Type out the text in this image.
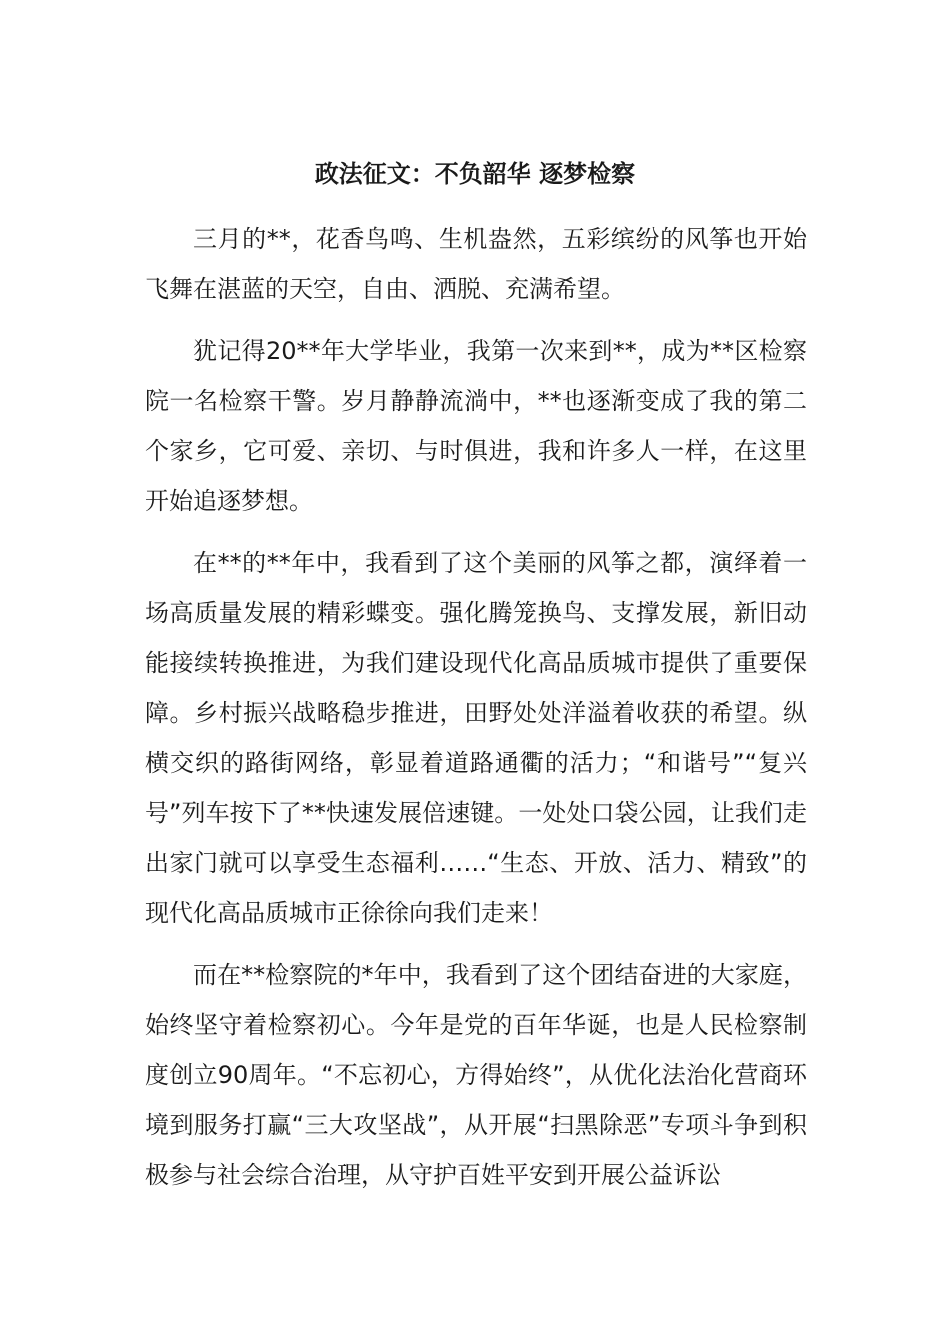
政法征文：不负韶华 逐梦检察

三月的**，花香鸟鸣、生机盎然，五彩缤纷的风筝也开始飞舞在湛蓝的天空，自由、洒脱、充满希望。

犹记得20**年大学毕业，我第一次来到**，成为**区检察院一名检察干警。岁月静静流淌中，**也逐渐变成了我的第二个家乡，它可爱、亲切、与时俱进，我和许多人一样，在这里开始追逐梦想。

在**的**年中，我看到了这个美丽的风筝之都，演绎着一场高质量发展的精彩蝶变。强化腾笼换鸟、支撑发展，新旧动能接续转换推进，为我们建设现代化高品质城市提供了重要保障。乡村振兴战略稳步推进，田野处处洋溢着收获的希望。纵横交织的路街网络，彰显着道路通衢的活力；“和谐号”“复兴号”列车按下了**快速发展倍速键。一处处口袋公园，让我们走出家门就可以享受生态福利……“生态、开放、活力、精致”的现代化高品质城市正徐徐向我们走来！

而在**检察院的*年中，我看到了这个团结奋进的大家庭，始终坚守着检察初心。今年是党的百年华诞，也是人民检察制度创立90周年。“不忘初心，方得始终”，从优化法治化营商环境到服务打赢“三大攻坚战”，从开展“扫黑除恶”专项斗争到积极参与社会综合治理，从守护百姓平安到开展公益诉讼
